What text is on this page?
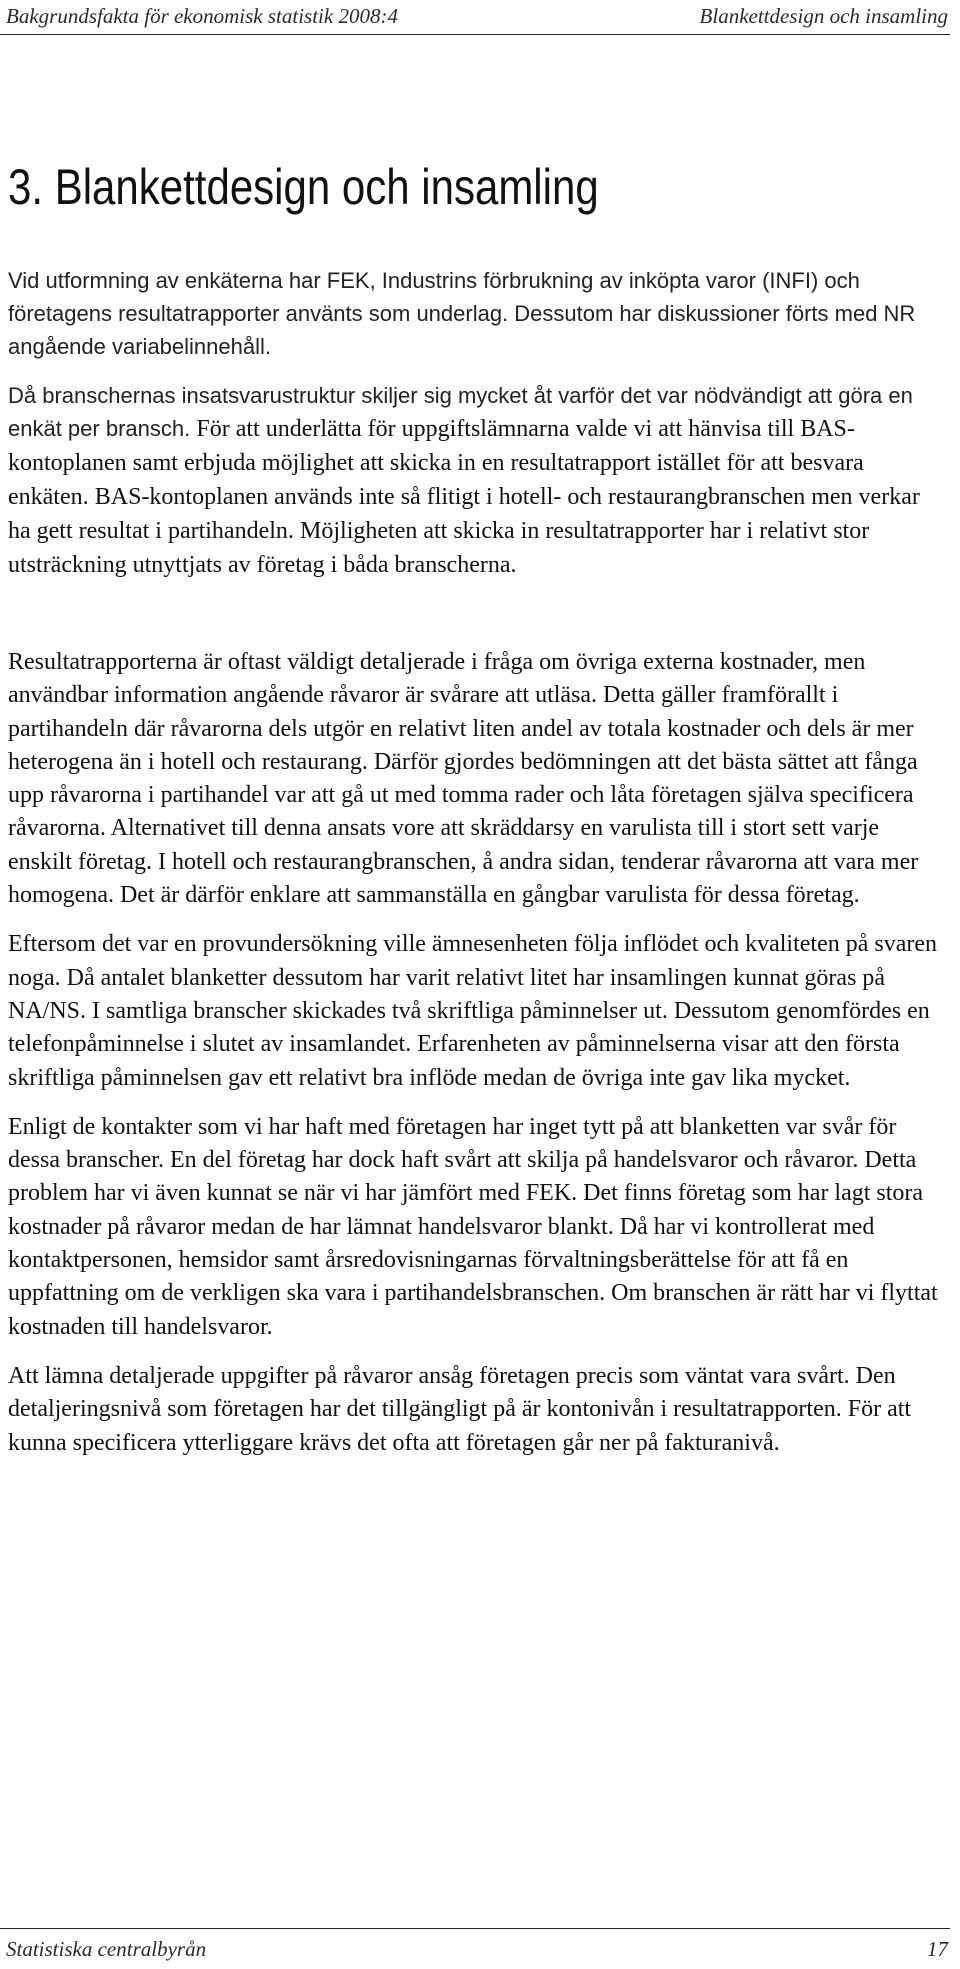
Bakgrundsfakta för ekonomisk statistik 2008:4	Blankettdesign och insamling
3. Blankettdesign och insamling

Vid utformning av enkäterna har FEK, Industrins förbrukning av inköpta varor (INFI) och företagens resultatrapporter använts som underlag. Dessutom har diskussioner förts med NR angående variabelinnehåll.

Då branschernas insatsvarustruktur skiljer sig mycket åt varför det var nödvändigt att göra en enkät per bransch. För att underlätta för uppgiftslämnarna valde vi att hänvisa till BAS-kontoplanen samt erbjuda möjlighet att skicka in en resultatrapport istället för att besvara enkäten. BAS-kontoplanen används inte så flitigt i hotell- och restaurangbranschen men verkar ha gett resultat i partihandeln. Möjligheten att skicka in resultatrapporter har i relativt stor utsträckning utnyttjats av företag i båda branscherna.

Resultatrapporterna är oftast väldigt detaljerade i fråga om övriga externa kostnader, men användbar information angående råvaror är svårare att utläsa. Detta gäller framförallt i partihandeln där råvarorna dels utgör en relativt liten andel av totala kostnader och dels är mer heterogena än i hotell och restaurang. Därför gjordes bedömningen att det bästa sättet att fånga upp råvarorna i partihandel var att gå ut med tomma rader och låta företagen själva specificera råvarorna. Alternativet till denna ansats vore att skräddarsy en varulista till i stort sett varje enskilt företag. I hotell och restaurangbranschen, å andra sidan, tenderar råvarorna att vara mer homogena. Det är därför enklare att sammanställa en gångbar varulista för dessa företag.

Eftersom det var en provundersökning ville ämnesenheten följa inflödet och kvaliteten på svaren noga. Då antalet blanketter dessutom har varit relativt litet har insamlingen kunnat göras på NA/NS. I samtliga branscher skickades två skriftliga påminnelser ut. Dessutom genomfördes en telefonpåminnelse i slutet av insamlandet. Erfarenheten av påminnelserna visar att den första skriftliga påminnelsen gav ett relativt bra inflöde medan de övriga inte gav lika mycket.

Enligt de kontakter som vi har haft med företagen har inget tytt på att blanketten var svår för dessa branscher. En del företag har dock haft svårt att skilja på handelsvaror och råvaror. Detta problem har vi även kunnat se när vi har jämfört med FEK. Det finns företag som har lagt stora kostnader på råvaror medan de har lämnat handelsvaror blankt. Då har vi kontrollerat med kontaktpersonen, hemsidor samt årsredovisningarnas förvaltningsberättelse för att få en uppfattning om de verkligen ska vara i partihandelsbranschen. Om branschen är rätt har vi flyttat kostnaden till handelsvaror.

Att lämna detaljerade uppgifter på råvaror ansåg företagen precis som väntat vara svårt. Den detaljeringsnivå som företagen har det tillgängligt på är kontonivån i resultatrapporten. För att kunna specificera ytterliggare krävs det ofta att företagen går ner på fakturanivå.

Statistiska centralbyrån	17
